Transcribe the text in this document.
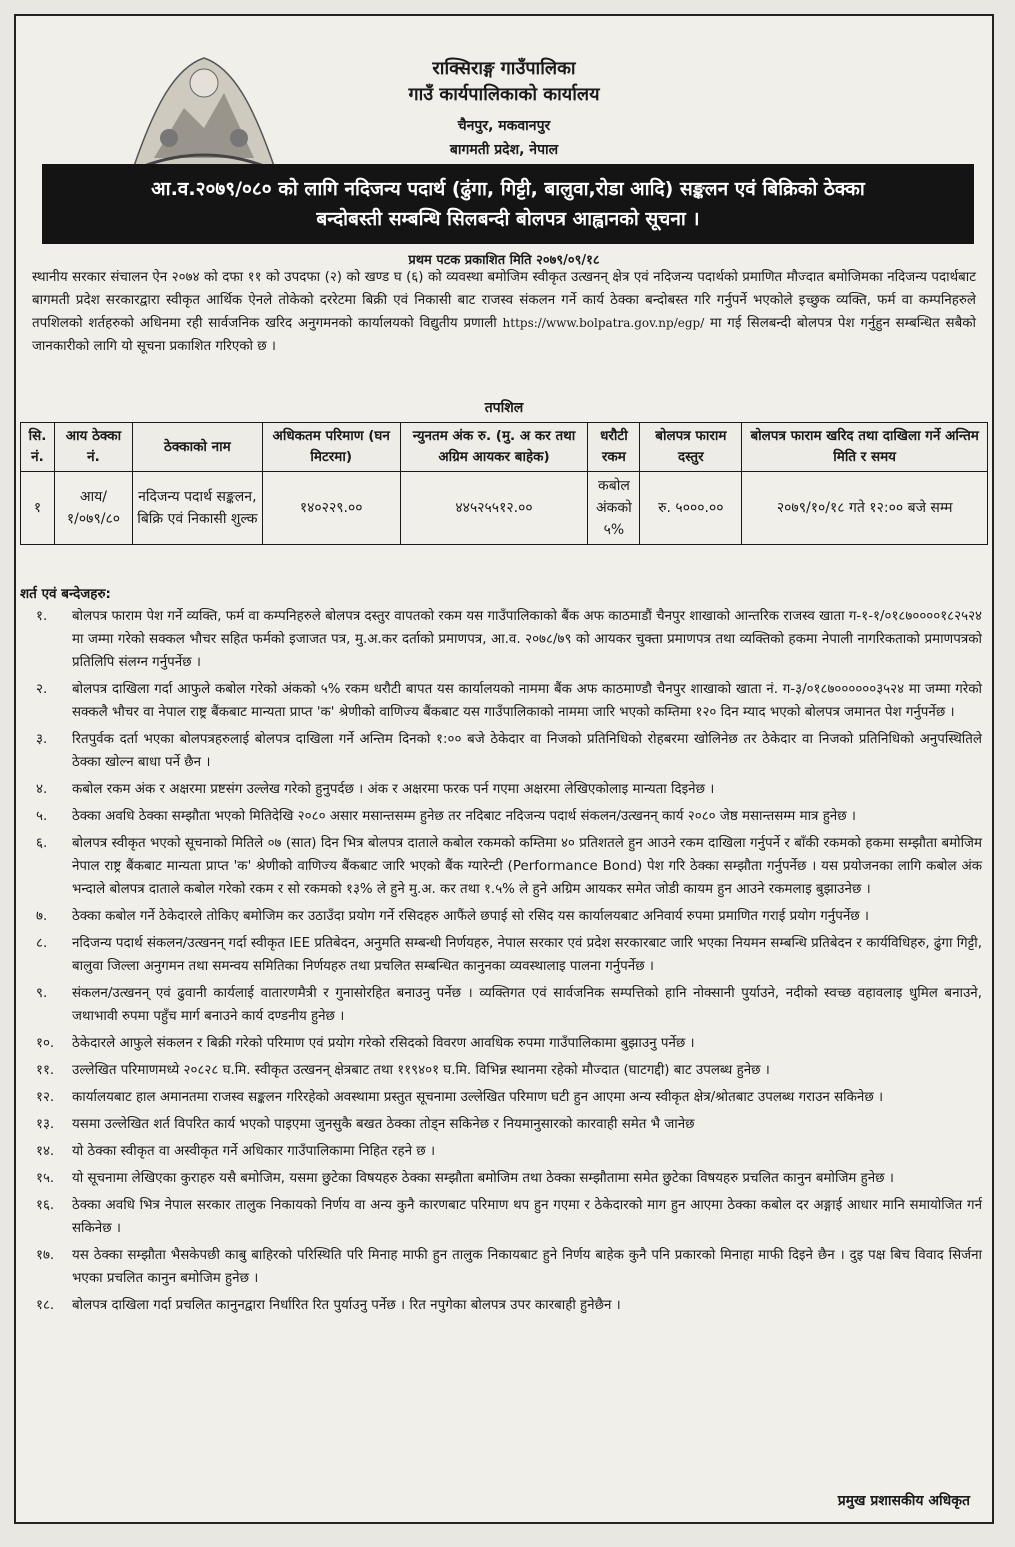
राक्सिराङ्ग गाउँपालिका
गाउँ कार्यपालिकाको कार्यालय
चैनपुर, मकवानपुर
बागमती प्रदेश, नेपाल
आ.व.२०७९/०८० को लागि नदिजन्य पदार्थ (ढुंगा, गिट्टी, बालुवा,रोडा आदि) सङ्कलन एवं बिक्रिको ठेक्का
बन्दोबस्ती सम्बन्धि सिलबन्दी बोलपत्र आह्वानको सूचना ।
प्रथम पटक प्रकाशित मिति २०७९/०९/१८
स्थानीय सरकार संचालन ऐन २०७४ को दफा ११ को उपदफा (२) को खण्ड घ (६) को व्यवस्था बमोजिम स्वीकृत उत्खनन् क्षेत्र एवं नदिजन्य पदार्थको प्रमाणित मौज्दात बमोजिमका नदिजन्य पदार्थबाट बागमती प्रदेश सरकारद्वारा स्वीकृत आर्थिक ऐनले तोकेको दररेटमा बिक्री एवं निकासी बाट राजस्व संकलन गर्ने कार्य ठेक्का बन्दोबस्त गरि गर्नुपर्ने भएकोले इच्छुक व्यक्ति, फर्म वा कम्पनिहरुले तपशिलको शर्तहरुको अधिनमा रही सार्वजनिक खरिद अनुगमनको कार्यालयको विद्युतीय प्रणाली https://www.bolpatra.gov.np/egp/ मा गई सिलबन्दी बोलपत्र पेश गर्नुहुन सम्बन्धित सबैको जानकारीको लागि यो सूचना प्रकाशित गरिएको छ ।
तपशिल
सि. नं.	आय ठेक्का नं.	ठेक्काको नाम	अधिकतम परिमाण (घन मिटरमा)	न्युनतम अंक रु. (मु. अ कर तथा अग्रिम आयकर बाहेक)	धरौटी रकम	बोलपत्र फाराम दस्तुर	बोलपत्र फाराम खरिद तथा दाखिला गर्ने अन्तिम मिति र समय
१	आय/१/०७९/८०	नदिजन्य पदार्थ सङ्कलन, बिक्रि एवं निकासी शुल्क	१४०२२९.००	४४५२५५१२.००	कबोल अंकको ५%	रु. ५०००.००	२०७९/१०/१८ गते १२:०० बजे सम्म
शर्त एवं बन्देजहरु:
१. बोलपत्र फाराम पेश गर्ने व्यक्ति, फर्म वा कम्पनिहरुले बोलपत्र दस्तुर वापतको रकम यस गाउँपालिकाको बैंक अफ काठमाडौं चैनपुर शाखाको आन्तरिक राजस्व खाता ग-१-१/०१८७००००१८२५२४ मा जम्मा गरेको सक्कल भौचर सहित फर्मको इजाजत पत्र, मु.अ.कर दर्ताको प्रमाणपत्र, आ.व. २०७८/७९ को आयकर चुक्ता प्रमाणपत्र तथा व्यक्तिको हकमा नेपाली नागरिकताको प्रमाणपत्रको प्रतिलिपि संलग्न गर्नुपर्नेछ ।
२. बोलपत्र दाखिला गर्दा आफुले कबोल गरेको अंकको ५% रकम धरौटी बापत यस कार्यालयको नाममा बैंक अफ काठमाण्डौ चैनपुर शाखाको खाता नं. ग-३/०१८७००००००३५२४ मा जम्मा गरेको सक्कलै भौचर वा नेपाल राष्ट्र बैंकबाट मान्यता प्राप्त 'क' श्रेणीको वाणिज्य बैंकबाट यस गाउँपालिकाको नाममा जारि भएको कम्तिमा १२० दिन म्याद भएको बोलपत्र जमानत पेश गर्नुपर्नेछ ।
३. रितपुर्वक दर्ता भएका बोलपत्रहरुलाई बोलपत्र दाखिला गर्ने अन्तिम दिनको १:०० बजे ठेकेदार वा निजको प्रतिनिधिको रोहबरमा खोलिनेछ तर ठेकेदार वा निजको प्रतिनिधिको अनुपस्थितिले ठेक्का खोल्न बाधा पर्ने छैन ।
४. कबोल रकम अंक र अक्षरमा प्रष्टसंग उल्लेख गरेको हुनुपर्दछ । अंक र अक्षरमा फरक पर्न गएमा अक्षरमा लेखिएकोलाइ मान्यता दिइनेछ ।
५. ठेक्का अवधि ठेक्का सम्झौता भएको मितिदेखि २०८० असार मसान्तसम्म हुनेछ तर नदिबाट नदिजन्य पदार्थ संकलन/उत्खनन् कार्य २०८० जेष्ठ मसान्तसम्म मात्र हुनेछ ।
६. बोलपत्र स्वीकृत भएको सूचनाको मितिले ०७ (सात) दिन भित्र बोलपत्र दाताले कबोल रकमको कम्तिमा ४० प्रतिशतले हुन आउने रकम दाखिला गर्नुपर्ने र बाँकी रकमको हकमा सम्झौता बमोजिम नेपाल राष्ट्र बैंकबाट मान्यता प्राप्त 'क' श्रेणीको वाणिज्य बैंकबाट जारि भएको बैंक ग्यारेन्टी (Performance Bond) पेश गरि ठेक्का सम्झौता गर्नुपर्नेछ । यस प्रयोजनका लागि कबोल अंक भन्दाले बोलपत्र दाताले कबोल गरेको रकम र सो रकमको १३% ले हुने मु.अ. कर तथा १.५% ले हुने अग्रिम आयकर समेत जोडी कायम हुन आउने रकमलाइ बुझाउनेछ ।
७. ठेक्का कबोल गर्ने ठेकेदारले तोकिए बमोजिम कर उठाउँदा प्रयोग गर्ने रसिदहरु आफैंले छपाई सो रसिद यस कार्यालयबाट अनिवार्य रुपमा प्रमाणित गराई प्रयोग गर्नुपर्नेछ ।
८. नदिजन्य पदार्थ संकलन/उत्खनन् गर्दा स्वीकृत IEE प्रतिबेदन, अनुमति सम्बन्धी निर्णयहरु, नेपाल सरकार एवं प्रदेश सरकारबाट जारि भएका नियमन सम्बन्धि प्रतिबेदन र कार्यविधिहरु, ढुंगा गिट्टी, बालुवा जिल्ला अनुगमन तथा समन्वय समितिका निर्णयहरु तथा प्रचलित सम्बन्धित कानुनका व्यवस्थालाइ पालना गर्नुपर्नेछ ।
९. संकलन/उत्खनन् एवं ढुवानी कार्यलाई वातारणमैत्री र गुनासोरहित बनाउनु पर्नेछ । व्यक्तिगत एवं सार्वजनिक सम्पत्तिको हानि नोक्सानी पुर्याउने, नदीको स्वच्छ वहावलाइ धुमिल बनाउने, जथाभावी रुपमा पहुँच मार्ग बनाउने कार्य दण्डनीय हुनेछ ।
१०. ठेकेदारले आफुले संकलन र बिक्री गरेको परिमाण एवं प्रयोग गरेको रसिदको विवरण आवधिक रुपमा गाउँपालिकामा बुझाउनु पर्नेछ ।
११. उल्लेखित परिमाणमध्ये २०८२८ घ.मि. स्वीकृत उत्खनन् क्षेत्रबाट तथा ११९४०१ घ.मि. विभिन्न स्थानमा रहेको मौज्दात (घाटगद्दी) बाट उपलब्ध हुनेछ ।
१२. कार्यालयबाट हाल अमानतमा राजस्व सङ्कलन गरिरहेको अवस्थामा प्रस्तुत सूचनामा उल्लेखित परिमाण घटी हुन आएमा अन्य स्वीकृत क्षेत्र/श्रोतबाट उपलब्ध गराउन सकिनेछ ।
१३. यसमा उल्लेखित शर्त विपरित कार्य भएको पाइएमा जुनसुकै बखत ठेक्का तोड्न सकिनेछ र नियमानुसारको कारवाही समेत भै जानेछ
१४. यो ठेक्का स्वीकृत वा अस्वीकृत गर्ने अधिकार गाउँपालिकामा निहित रहने छ ।
१५. यो सूचनामा लेखिएका कुराहरु यसै बमोजिम, यसमा छुटेका विषयहरु ठेक्का सम्झौता बमोजिम तथा ठेक्का सम्झौतामा समेत छुटेका विषयहरु प्रचलित कानुन बमोजिम हुनेछ ।
१६. ठेक्का अवधि भित्र नेपाल सरकार तालुक निकायको निर्णय वा अन्य कुनै कारणबाट परिमाण थप हुन गएमा र ठेकेदारको माग हुन आएमा ठेक्का कबोल दर अङ्गाई आधार मानि समायोजित गर्न सकिनेछ ।
१७. यस ठेक्का सम्झौता भैसकेपछी काबु बाहिरको परिस्थिति परि मिनाह माफी हुन तालुक निकायबाट हुने निर्णय बाहेक कुनै पनि प्रकारको मिनाहा माफी दिइने छैन । दुइ पक्ष बिच विवाद सिर्जना भएका प्रचलित कानुन बमोजिम हुनेछ ।
१८. बोलपत्र दाखिला गर्दा प्रचलित कानुनद्वारा निर्धारित रित पुर्याउनु पर्नेछ । रित नपुगेका बोलपत्र उपर कारबाही हुनेछैन ।
प्रमुख प्रशासकीय अधिकृत
